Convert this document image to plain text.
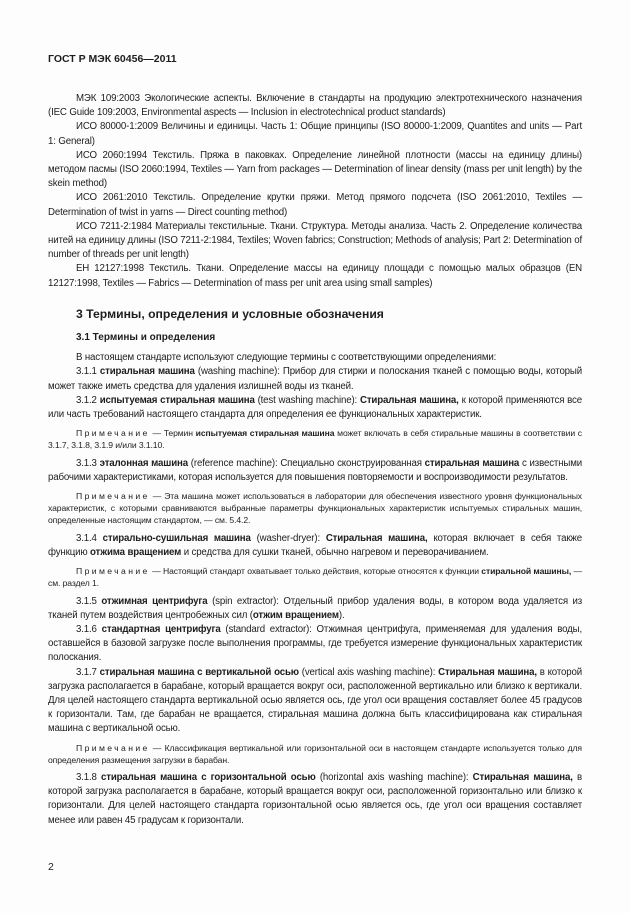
ГОСТ Р МЭК 60456—2011

МЭК 109:2003 Экологические аспекты. Включение в стандарты на продукцию электротехнического назначения (IEC Guide 109:2003, Environmental aspects — Inclusion in electrotechnical product standards)

ИСО 80000-1:2009 Величины и единицы. Часть 1: Общие принципы (ISO 80000-1:2009, Quantites and units — Part 1: General)

ИСО 2060:1994 Текстиль. Пряжа в паковках. Определение линейной плотности (массы на единицу длины) методом пасмы (ISO 2060:1994, Textiles — Yarn from packages — Determination of linear density (mass per unit length) by the skein method)

ИСО 2061:2010 Текстиль. Определение крутки пряжи. Метод прямого подсчета (ISO 2061:2010, Textiles — Determination of twist in yarns — Direct counting method)

ИСО 7211-2:1984 Материалы текстильные. Ткани. Структура. Методы анализа. Часть 2. Определение количества нитей на единицу длины (ISO 7211-2:1984, Textiles; Woven fabrics; Construction; Methods of analysis; Part 2: Determination of number of threads per unit length)

ЕН 12127:1998 Текстиль. Ткани. Определение массы на единицу площади с помощью малых образцов (EN 12127:1998, Textiles — Fabrics — Determination of mass per unit area using small samples)

3 Термины, определения и условные обозначения
3.1 Термины и определения

В настоящем стандарте используют следующие термины с соответствующими определениями:

3.1.1 стиральная машина (washing machine): Прибор для стирки и полоскания тканей с помощью воды, который может также иметь средства для удаления излишней воды из тканей.

3.1.2 испытуемая стиральная машина (test washing machine): Стиральная машина, к которой применяются все или часть требований настоящего стандарта для определения ее функциональных характеристик.

Примечание — Термин испытуемая стиральная машина может включать в себя стиральные машины в соответствии с 3.1.7, 3.1.8, 3.1.9 и/или 3.1.10.

3.1.3 эталонная машина (reference machine): Специально сконструированная стиральная машина с известными рабочими характеристиками, которая используется для повышения повторяемости и воспроизводимости результатов.

Примечание — Эта машина может использоваться в лаборатории для обеспечения известного уровня функциональных характеристик, с которыми сравниваются выбранные параметры функциональных характеристик испытуемых стиральных машин, определенные настоящим стандартом, — см. 5.4.2.

3.1.4 стирально-сушильная машина (washer-dryer): Стиральная машина, которая включает в себя также функцию отжима вращением и средства для сушки тканей, обычно нагревом и переворачиванием.

Примечание — Настоящий стандарт охватывает только действия, которые относятся к функции стиральной машины, — см. раздел 1.

3.1.5 отжимная центрифуга (spin extractor): Отдельный прибор удаления воды, в котором вода удаляется из тканей путем воздействия центробежных сил (отжим вращением).

3.1.6 стандартная центрифуга (standard extractor): Отжимная центрифуга, применяемая для удаления воды, оставшейся в базовой загрузке после выполнения программы, где требуется измерение функциональных характеристик полоскания.

3.1.7 стиральная машина с вертикальной осью (vertical axis washing machine): Стиральная машина, в которой загрузка располагается в барабане, который вращается вокруг оси, расположенной вертикально или близко к вертикали. Для целей настоящего стандарта вертикальной осью является ось, где угол оси вращения составляет более 45 градусов к горизонтали. Там, где барабан не вращается, стиральная машина должна быть классифицирована как стиральная машина с вертикальной осью.

Примечание — Классификация вертикальной или горизонтальной оси в настоящем стандарте используется только для определения размещения загрузки в барабан.

3.1.8 стиральная машина с горизонтальной осью (horizontal axis washing machine): Стиральная машина, в которой загрузка располагается в барабане, который вращается вокруг оси, расположенной горизонтально или близко к горизонтали. Для целей настоящего стандарта горизонтальной осью является ось, где угол оси вращения составляет менее или равен 45 градусам к горизонтали.

2
